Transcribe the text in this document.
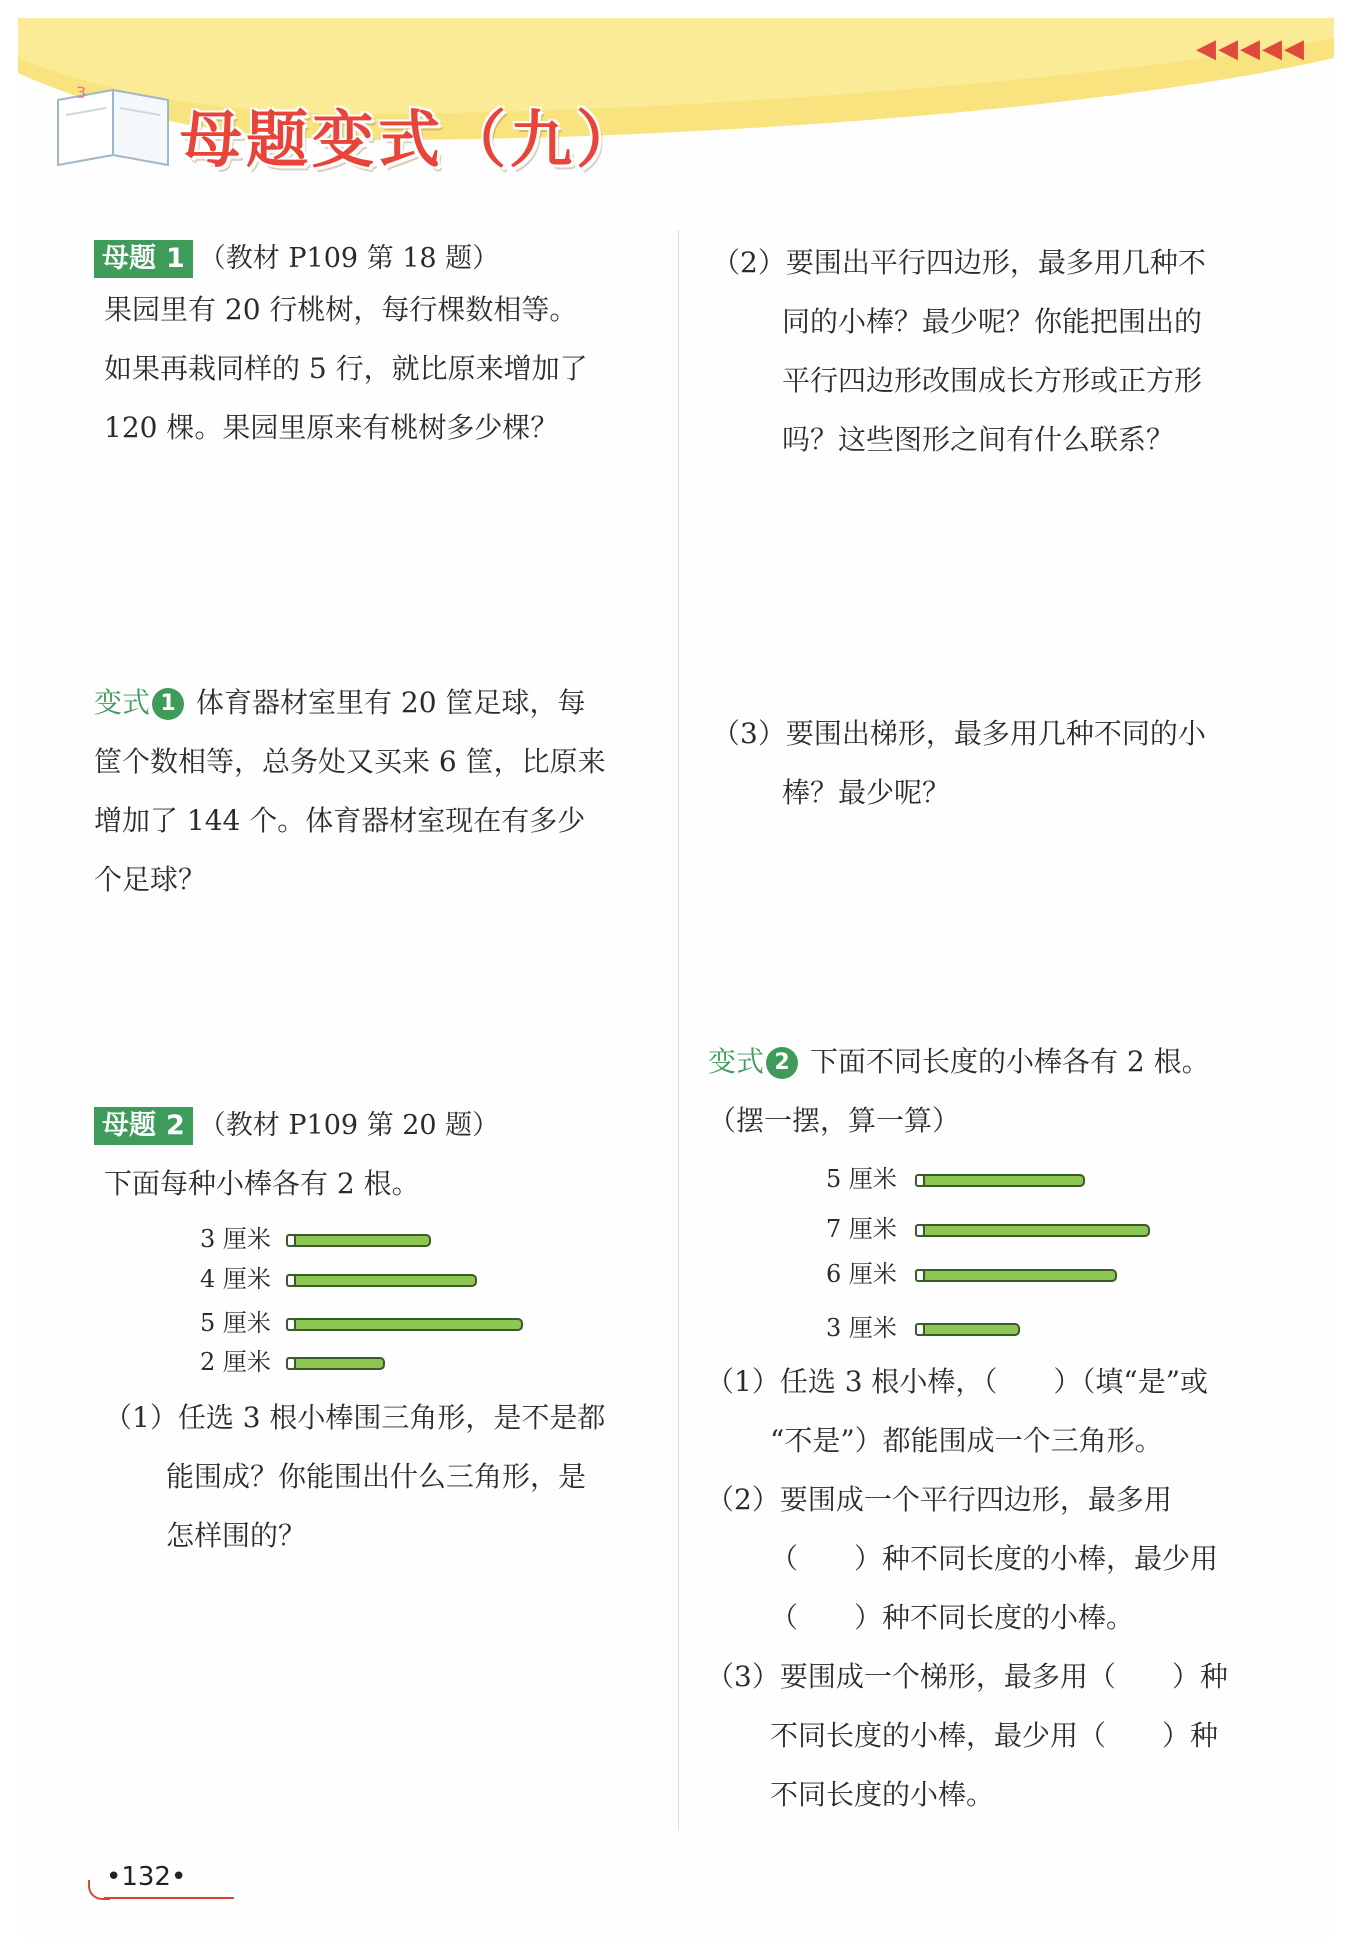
3
母题变式（九）
◀◀◀◀◀
母题 1 （教材 P109 第 18 题）
果园里有 20 行桃树，每行棵数相等。
如果再栽同样的 5 行，就比原来增加了
120 棵。果园里原来有桃树多少棵？
变式 1 体育器材室里有 20 筐足球，每
筐个数相等，总务处又买来 6 筐，比原来
增加了 144 个。体育器材室现在有多少
个足球？
母题 2 （教材 P109 第 20 题）
下面每种小棒各有 2 根。
3 厘米
4 厘米
5 厘米
2 厘米
（1）任选 3 根小棒围三角形，是不是都
能围成？你能围出什么三角形，是
怎样围的？
（2）要围出平行四边形，最多用几种不
同的小棒？最少呢？你能把围出的
平行四边形改围成长方形或正方形
吗？这些图形之间有什么联系？
（3）要围出梯形，最多用几种不同的小
棒？最少呢？
变式 2 下面不同长度的小棒各有 2 根。
（摆一摆，算一算）
5 厘米
7 厘米
6 厘米
3 厘米
（1）任选 3 根小棒，（　　）（填“是”或
“不是”）都能围成一个三角形。
（2）要围成一个平行四边形，最多用
（　　）种不同长度的小棒，最少用
（　　）种不同长度的小棒。
（3）要围成一个梯形，最多用（　　）种
不同长度的小棒，最少用（　　）种
不同长度的小棒。
•132•
